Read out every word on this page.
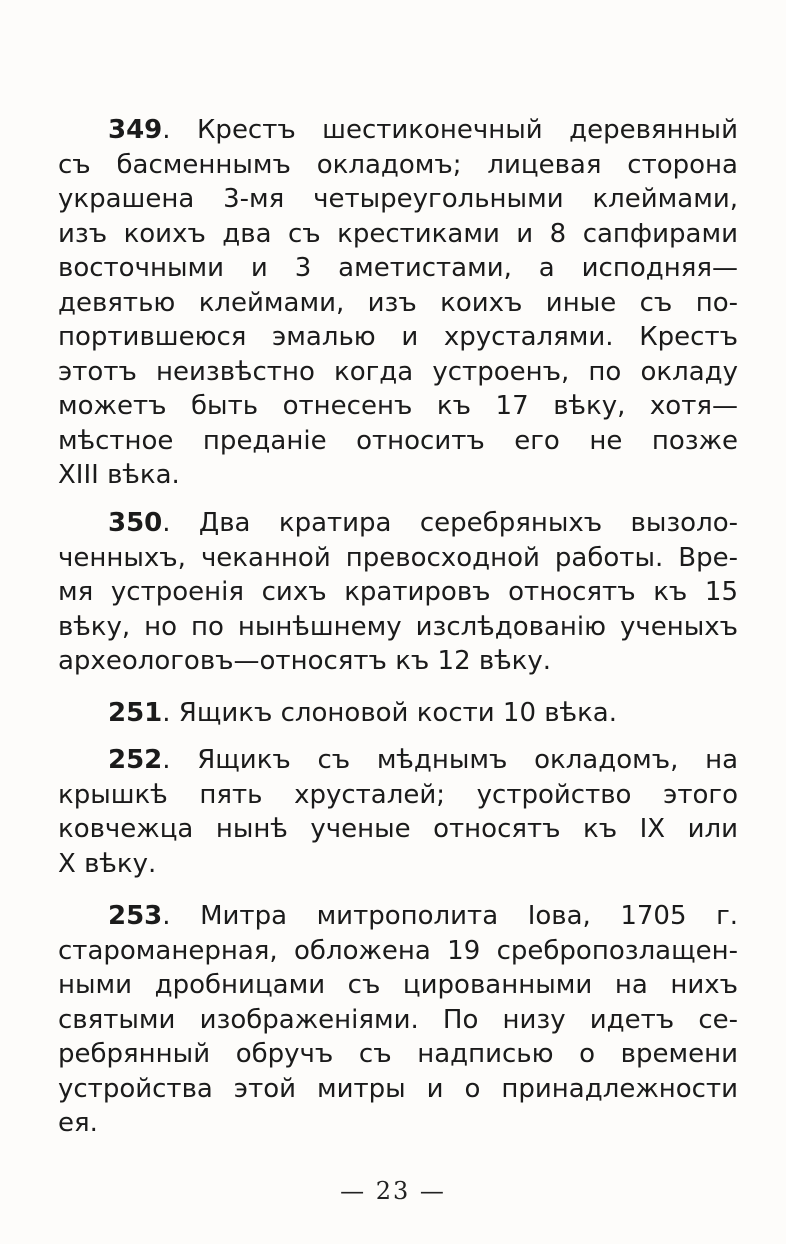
349. Крестъ шестиконечный деревянный
съ басменнымъ окладомъ; лицевая сторона
украшена 3-мя четыреугольными клеймами,
изъ коихъ два съ крестиками и 8 сапфирами
восточными и 3 аметистами, а исподняя—
девятью клеймами, изъ коихъ иные съ по-
портившеюся эмалью и хрусталями. Крестъ
этотъ неизвѣстно когда устроенъ, по окладу
можетъ быть отнесенъ къ 17 вѣку, хотя—
мѣстное преданіе относитъ его не позже
XIII вѣка.

350. Два кратира серебряныхъ вызоло-
ченныхъ, чеканной превосходной работы. Вре-
мя устроенія сихъ кратировъ относятъ къ 15
вѣку, но по нынѣшнему изслѣдованію ученыхъ
археологовъ—относятъ къ 12 вѣку.

251. Ящикъ слоновой кости 10 вѣка.

252. Ящикъ съ мѣднымъ окладомъ, на
крышкѣ пять хрусталей; устройство этого
ковчежца нынѣ ученые относятъ къ IX или
X вѣку.

253. Митра митрополита Іова, 1705 г.
староманерная, обложена 19 сребропозлащен-
ными дробницами съ цированными на нихъ
святыми изображеніями. По низу идетъ се-
ребрянный обручъ съ надписью о времени
устройства этой митры и о принадлежности
ея.

— 23 —
